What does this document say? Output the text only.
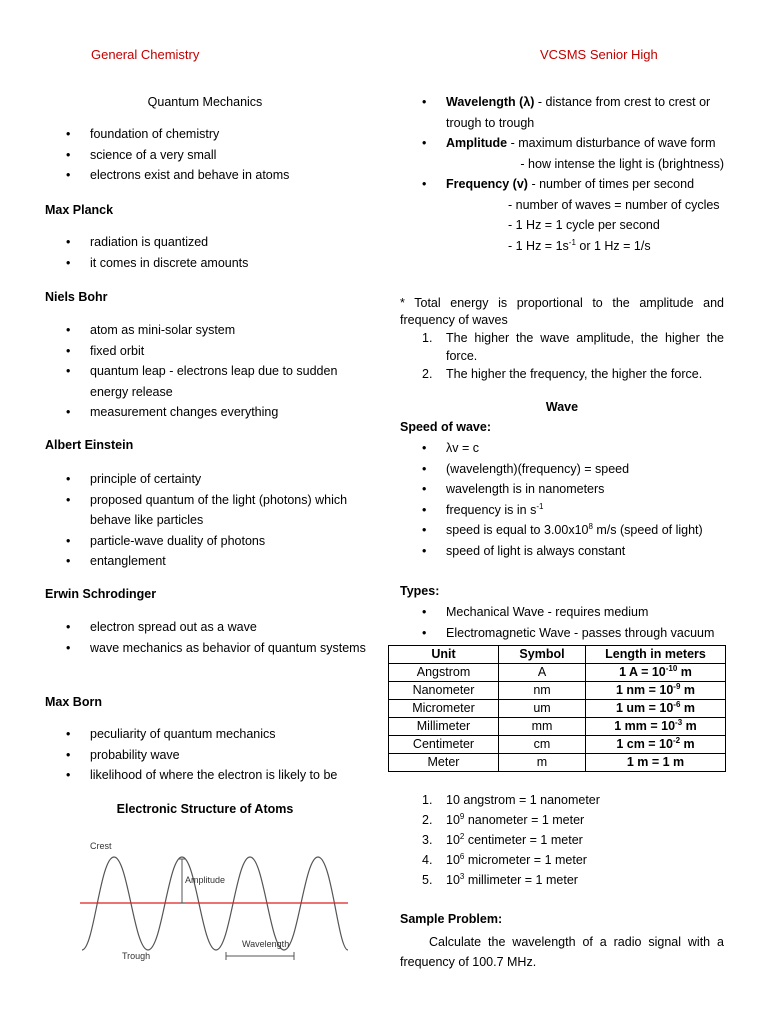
General Chemistry	VCSMS Senior High
Quantum Mechanics
• foundation of chemistry
• science of a very small
• electrons exist and behave in atoms
Max Planck
• radiation is quantized
• it comes in discrete amounts
Niels Bohr
• atom as mini-solar system
• fixed orbit
• quantum leap - electrons leap due to sudden energy release
• measurement changes everything
Albert Einstein
• principle of certainty
• proposed quantum of the light (photons) which behave like particles
• particle-wave duality of photons
• entanglement
Erwin Schrodinger
• electron spread out as a wave
• wave mechanics as behavior of quantum systems
Max Born
• peculiarity of quantum mechanics
• probability wave
• likelihood of where the electron is likely to be
Electronic Structure of Atoms
Crest
Amplitude
Wavelength
Trough
• Wavelength (λ) - distance from crest to crest or trough to trough
• Amplitude - maximum disturbance of wave form
- how intense the light is (brightness)
• Frequency (v) - number of times per second
- number of waves = number of cycles
- 1 Hz = 1 cycle per second
- 1 $Hz = 1s^{-1}$ or 1 Hz = 1/s
* Total energy is proportional to the amplitude and frequency of waves
1. The higher the wave amplitude, the higher the force.
2. The higher the frequency, the higher the force.
Wave
Speed of wave:
• λv = c
• (wavelength)(frequency) = speed
• wavelength is in nanometers
• frequency is in $s^{-1}$
• speed is equal to $3.00x10^8$ m/s (speed of light)
• speed of light is always constant
Types:
• Mechanical Wave - requires medium
• Electromagnetic Wave - passes through vacuum
Unit	Symbol	Length in meters
Angstrom	A	1 $A = 10^{-10}$ m
Nanometer	nm	1 nm = $10^{-9}$ m
Micrometer	um	1 um = $10^{-6}$ m
Millimeter	mm	1 mm = $10^{-3}$ m
Centimeter	cm	1 cm = $10^{-2}$ m
Meter	m	1 m = 1 m
1. 10 angstrom = 1 nanometer
2. $10^9$ nanometer = 1 meter
3. $10^2$ centimeter = 1 meter
4. $10^6$ micrometer = 1 meter
5. $10^3$ millimeter = 1 meter
Sample Problem:
Calculate the wavelength of a radio signal with a frequency of 100.7 MHz.
